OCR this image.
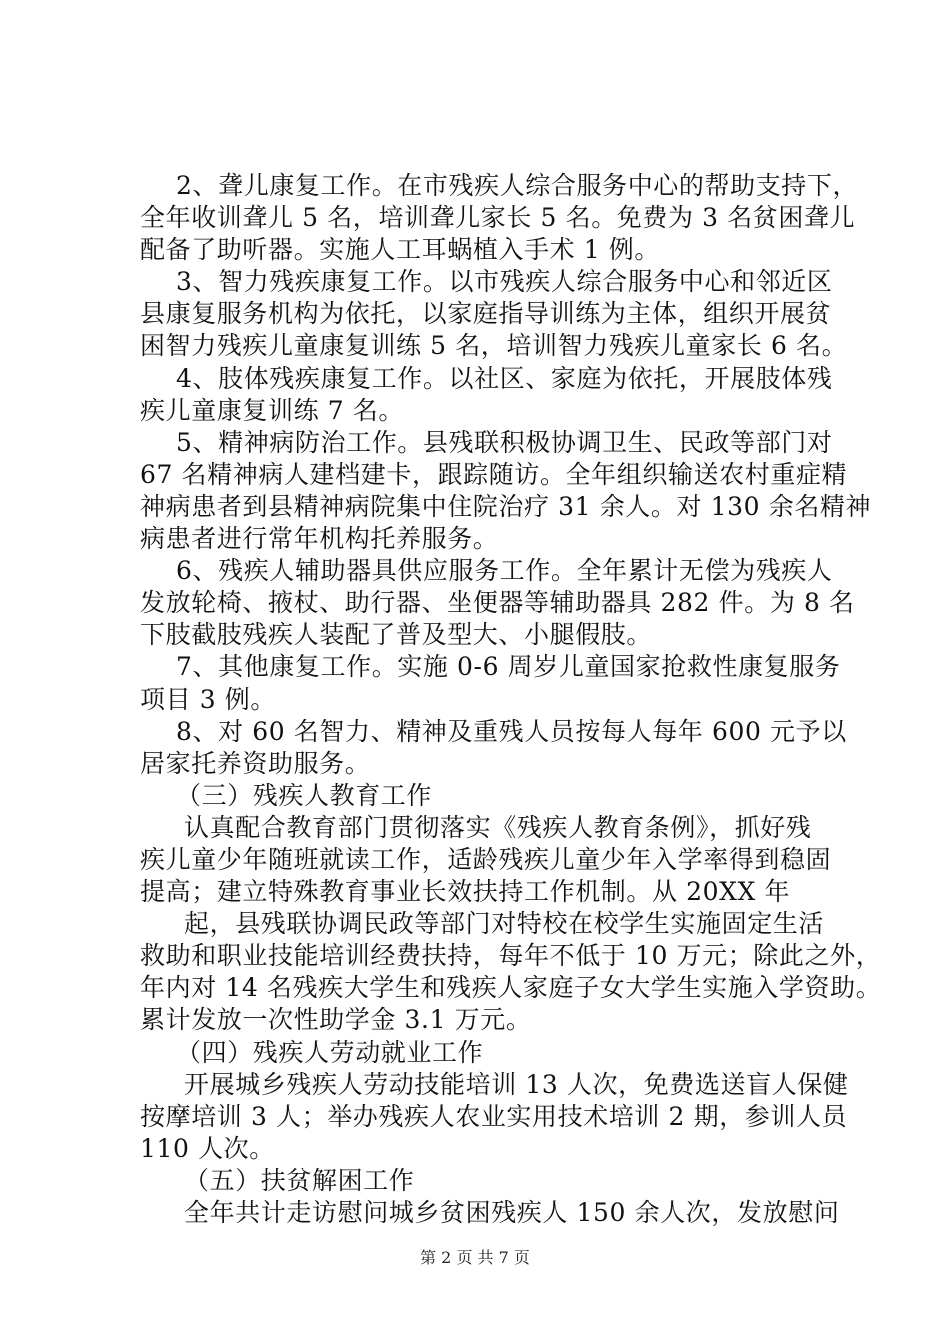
2、聋儿康复工作。在市残疾人综合服务中心的帮助支持下，
全年收训聋儿 5 名，培训聋儿家长 5 名。免费为 3 名贫困聋儿
配备了助听器。实施人工耳蜗植入手术 1 例。
3、智力残疾康复工作。以市残疾人综合服务中心和邻近区
县康复服务机构为依托，以家庭指导训练为主体，组织开展贫
困智力残疾儿童康复训练 5 名，培训智力残疾儿童家长 6 名。
4、肢体残疾康复工作。以社区、家庭为依托，开展肢体残
疾儿童康复训练 7 名。
5、精神病防治工作。县残联积极协调卫生、民政等部门对
67 名精神病人建档建卡，跟踪随访。全年组织输送农村重症精
神病患者到县精神病院集中住院治疗 31 余人。对 130 余名精神
病患者进行常年机构托养服务。
6、残疾人辅助器具供应服务工作。全年累计无偿为残疾人
发放轮椅、掖杖、助行器、坐便器等辅助器具 282 件。为 8 名
下肢截肢残疾人装配了普及型大、小腿假肢。
7、其他康复工作。实施 0-6 周岁儿童国家抢救性康复服务
项目 3 例。
8、对 60 名智力、精神及重残人员按每人每年 600 元予以
居家托养资助服务。
（三）残疾人教育工作
认真配合教育部门贯彻落实《残疾人教育条例》，抓好残
疾儿童少年随班就读工作，适龄残疾儿童少年入学率得到稳固
提高；建立特殊教育事业长效扶持工作机制。从 20XX 年
起，县残联协调民政等部门对特校在校学生实施固定生活
救助和职业技能培训经费扶持，每年不低于 10 万元；除此之外，
年内对 14 名残疾大学生和残疾人家庭子女大学生实施入学资助。
累计发放一次性助学金 3.1 万元。
（四）残疾人劳动就业工作
开展城乡残疾人劳动技能培训 13 人次，免费选送盲人保健
按摩培训 3 人；举办残疾人农业实用技术培训 2 期，参训人员
110 人次。
（五）扶贫解困工作
全年共计走访慰问城乡贫困残疾人 150 余人次，发放慰问
第 2 页 共 7 页
